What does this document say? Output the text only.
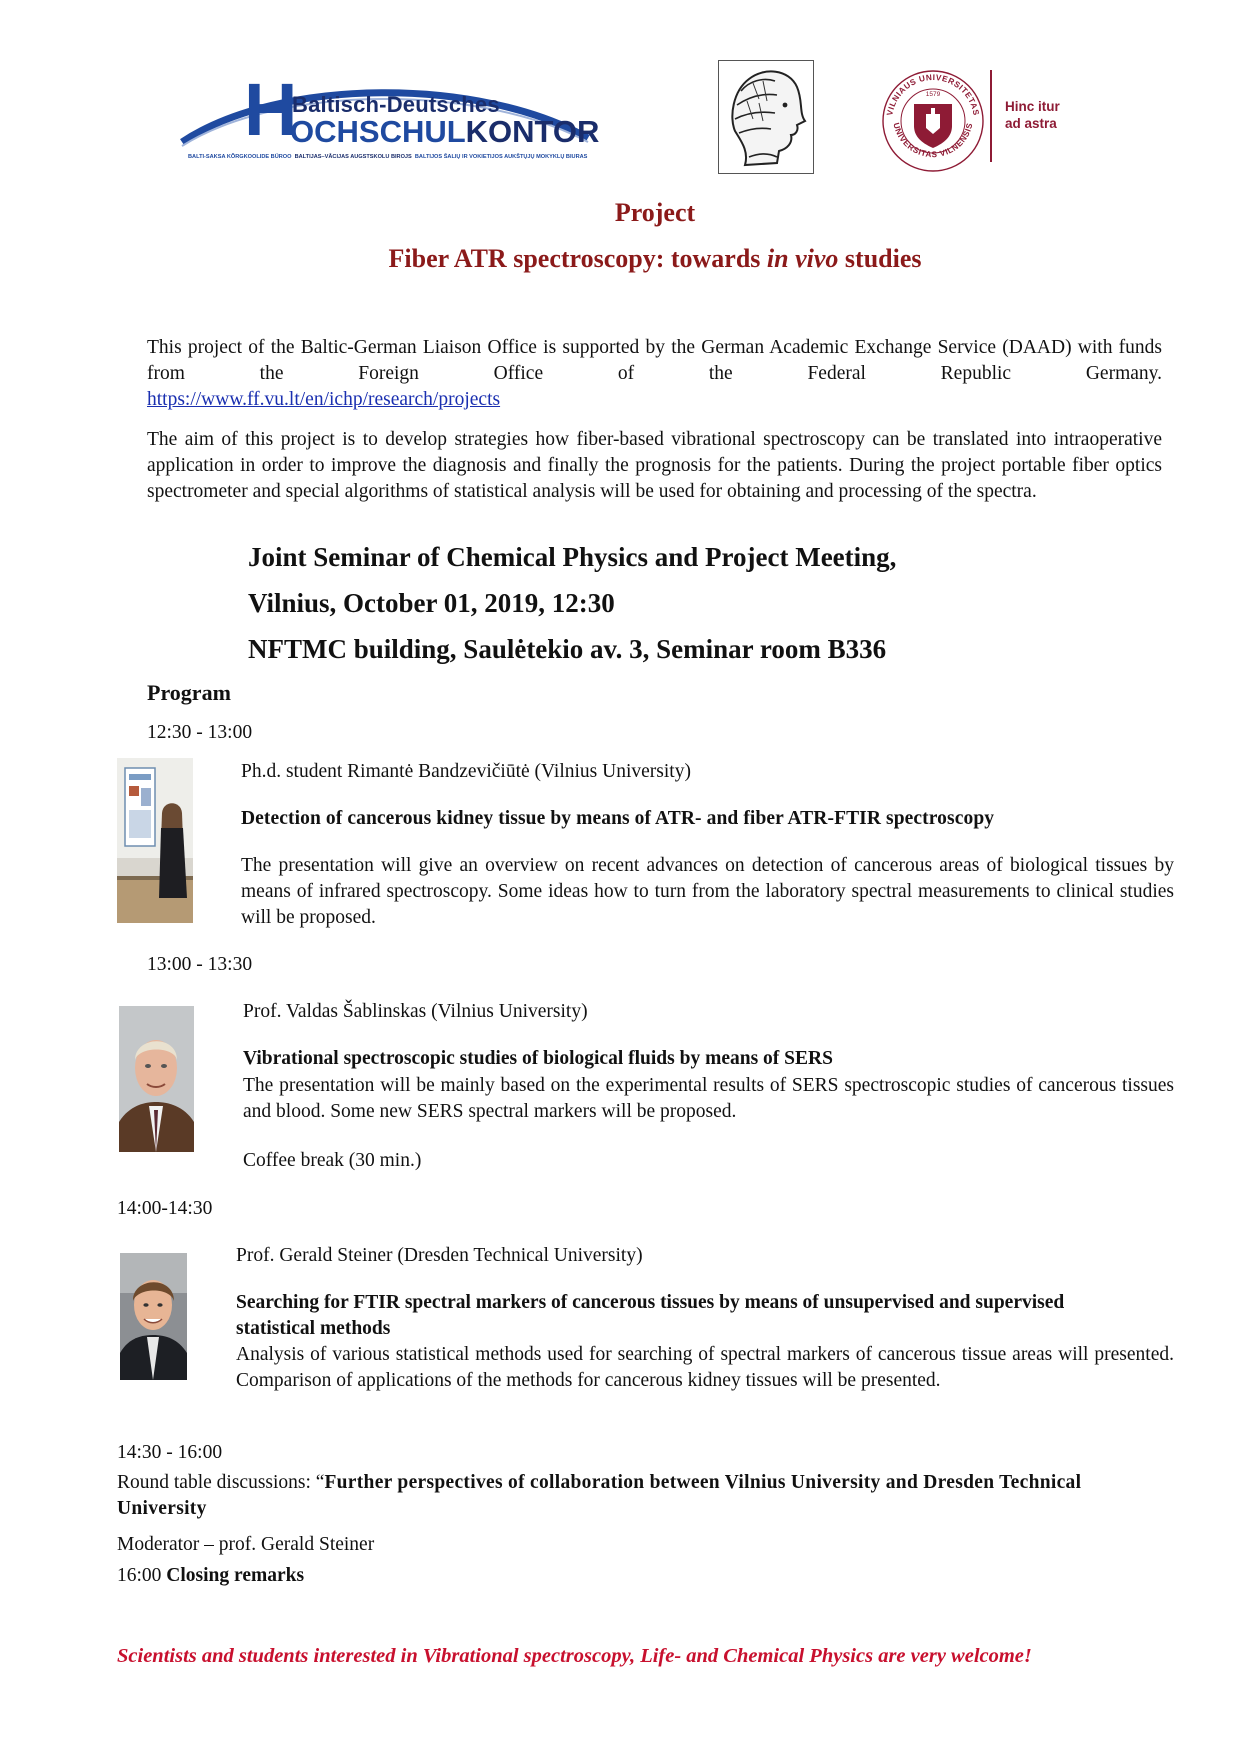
H
Baltisch-Deutsches
OCHSCHULKONTOR
BALTI-SAKSA KÕRGKOOLIDE BÜROO BALTIJAS–VĀCIJAS AUGSTSKOLU BIROJS BALTIJOS ŠALIŲ IR VOKIETIJOS AUKŠTŲJŲ MOKYKLŲ BIURAS
VILNIAUS UNIVERSITETAS
UNIVERSITAS VILNENSIS
1579
Hinc itur
ad astra
Project
Fiber ATR spectroscopy: towards in vivo studies
This project of the Baltic-German Liaison Office is supported by the German Academic Exchange Service (DAAD) with funds from the Foreign Office of the Federal Republic Germany.
https://www.ff.vu.lt/en/ichp/research/projects
The aim of this project is to develop strategies how fiber-based vibrational spectroscopy can be translated into intraoperative application in order to improve the diagnosis and finally the prognosis for the patients. During the project portable fiber optics spectrometer and special algorithms of statistical analysis will be used for obtaining and processing of the spectra.
Joint Seminar of Chemical Physics and Project Meeting,
Vilnius, October 01, 2019, 12:30
NFTMC building, Saulėtekio av. 3, Seminar room B336
Program
12:30 - 13:00
Ph.d. student Rimantė Bandzevičiūtė (Vilnius University)
Detection of cancerous kidney tissue by means of ATR- and fiber ATR-FTIR spectroscopy
The presentation will give an overview on recent advances on detection of cancerous areas of biological tissues by means of infrared spectroscopy. Some ideas how to turn from the laboratory spectral measurements to clinical studies will be proposed.
13:00 - 13:30
Prof. Valdas Šablinskas (Vilnius University)
Vibrational spectroscopic studies of biological fluids by means of SERS
The presentation will be mainly based on the experimental results of SERS spectroscopic studies of cancerous tissues and blood. Some new SERS spectral markers will be proposed.
Coffee break (30 min.)
14:00-14:30
Prof. Gerald Steiner (Dresden Technical University)
Searching for FTIR spectral markers of cancerous tissues by means of unsupervised and supervised statistical methods
Analysis of various statistical methods used for searching of spectral markers of cancerous tissue areas will presented. Comparison of applications of the methods for cancerous kidney tissues will be presented.
14:30 - 16:00
Round table discussions: “Further perspectives of collaboration between Vilnius University and Dresden Technical University
Moderator – prof. Gerald Steiner
16:00 Closing remarks
Scientists and students interested in Vibrational spectroscopy, Life- and Chemical Physics are very welcome!
